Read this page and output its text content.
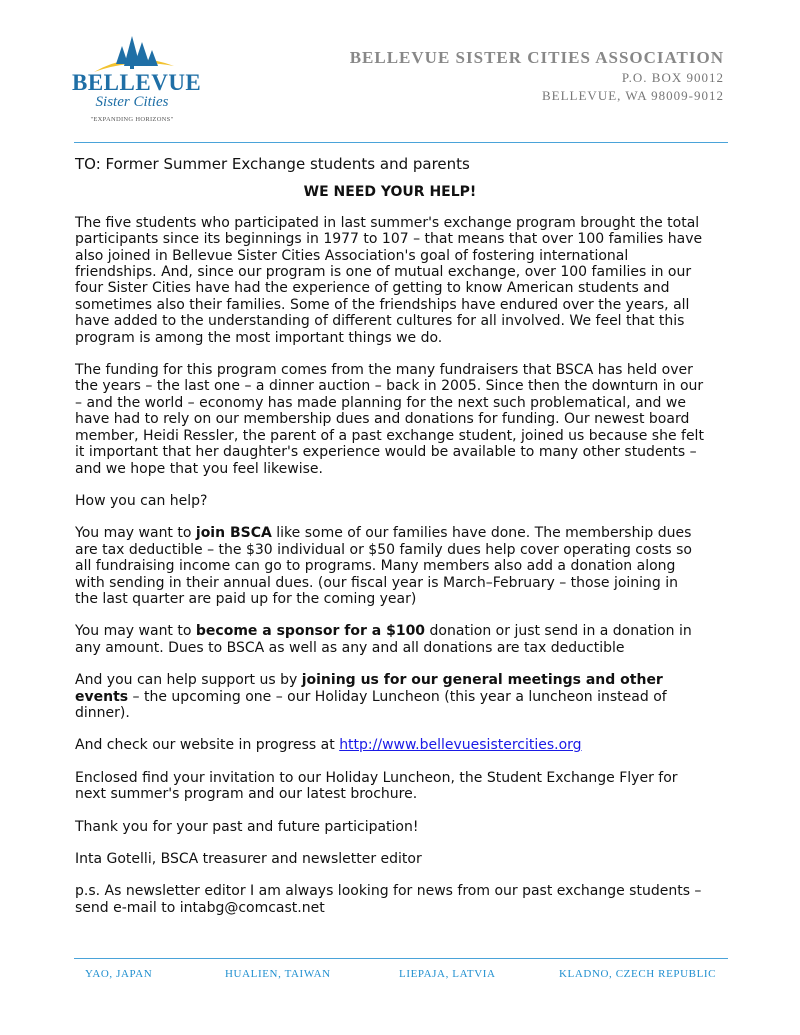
BELLEVUE
Sister Cities
"EXPANDING HORIZONS"
BELLEVUE SISTER CITIES ASSOCIATION
P.O. BOX 90012
BELLEVUE, WA 98009-9012

TO: Former Summer Exchange students and parents

WE NEED YOUR HELP!

The five students who participated in last summer's exchange program brought the total participants since its beginnings in 1977 to 107 – that means that over 100 families have also joined in Bellevue Sister Cities Association's goal of fostering international friendships. And, since our program is one of mutual exchange, over 100 families in our four Sister Cities have had the experience of getting to know American students and sometimes also their families. Some of the friendships have endured over the years, all have added to the understanding of different cultures for all involved. We feel that this program is among the most important things we do.

The funding for this program comes from the many fundraisers that BSCA has held over the years – the last one – a dinner auction – back in 2005. Since then the downturn in our – and the world – economy has made planning for the next such problematical, and we have had to rely on our membership dues and donations for funding. Our newest board member, Heidi Ressler, the parent of a past exchange student, joined us because she felt it important that her daughter's experience would be available to many other students – and we hope that you feel likewise.

How you can help?

You may want to join BSCA like some of our families have done. The membership dues are tax deductible – the $30 individual or $50 family dues help cover operating costs so all fundraising income can go to programs. Many members also add a donation along with sending in their annual dues. (our fiscal year is March–February – those joining in the last quarter are paid up for the coming year)

You may want to become a sponsor for a $100 donation or just send in a donation in any amount. Dues to BSCA as well as any and all donations are tax deductible

And you can help support us by joining us for our general meetings and other events – the upcoming one – our Holiday Luncheon (this year a luncheon instead of dinner).

And check our website in progress at http://www.bellevuesistercities.org

Enclosed find your invitation to our Holiday Luncheon, the Student Exchange Flyer for next summer's program and our latest brochure.

Thank you for your past and future participation!

Inta Gotelli, BSCA treasurer and newsletter editor

p.s. As newsletter editor I am always looking for news from our past exchange students – send e-mail to intabg@comcast.net

YAO, JAPAN	HUALIEN, TAIWAN	LIEPAJA, LATVIA	KLADNO, CZECH REPUBLIC
